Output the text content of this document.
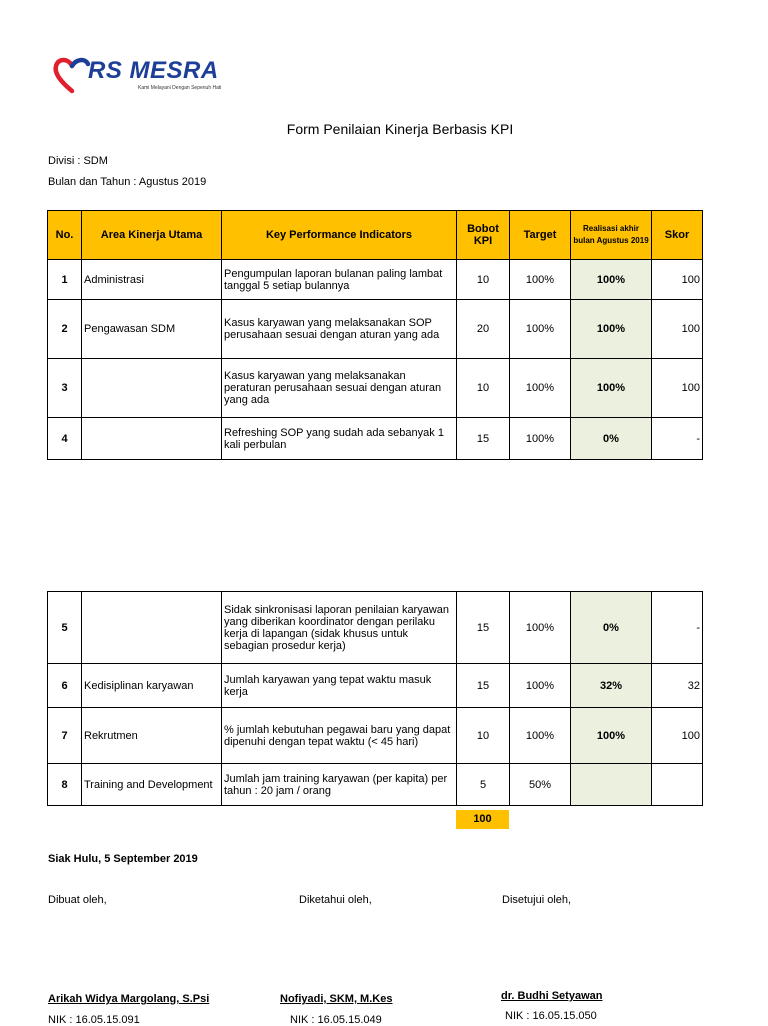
RS MESRA
Kami Melayani Dengan Sepenuh Hati
Form Penilaian Kinerja Berbasis KPI
Divisi : SDM
Bulan dan Tahun : Agustus 2019
No.	Area Kinerja Utama	Key Performance Indicators	Bobot KPI	Target	Realisasi akhir bulan Agustus 2019	Skor
1	Administrasi	Pengumpulan laporan bulanan paling lambat tanggal 5 setiap bulannya	10	100%	100%	100
2	Pengawasan SDM	Kasus karyawan yang melaksanakan SOP perusahaan sesuai dengan aturan yang ada	20	100%	100%	100
3		Kasus karyawan yang melaksanakan peraturan perusahaan sesuai dengan aturan yang ada	10	100%	100%	100
4		Refreshing SOP yang sudah ada sebanyak 1 kali perbulan	15	100%	0%	-
5		Sidak sinkronisasi laporan penilaian karyawan yang diberikan koordinator dengan perilaku kerja di lapangan (sidak khusus untuk sebagian prosedur kerja)	15	100%	0%	-
6	Kedisiplinan karyawan	Jumlah karyawan yang tepat waktu masuk kerja	15	100%	32%	32
7	Rekrutmen	% jumlah kebutuhan pegawai baru yang dapat dipenuhi dengan tepat waktu (< 45 hari)	10	100%	100%	100
8	Training and Development	Jumlah jam training karyawan (per kapita) per tahun : 20 jam / orang	5	50%		
100
Siak Hulu, 5 September 2019
Dibuat oleh,	Diketahui oleh,	Disetujui oleh,
Arikah Widya Margolang, S.Psi	Nofiyadi, SKM, M.Kes	dr. Budhi Setyawan
NIK : 16.05.15.091	NIK : 16.05.15.049	NIK : 16.05.15.050
